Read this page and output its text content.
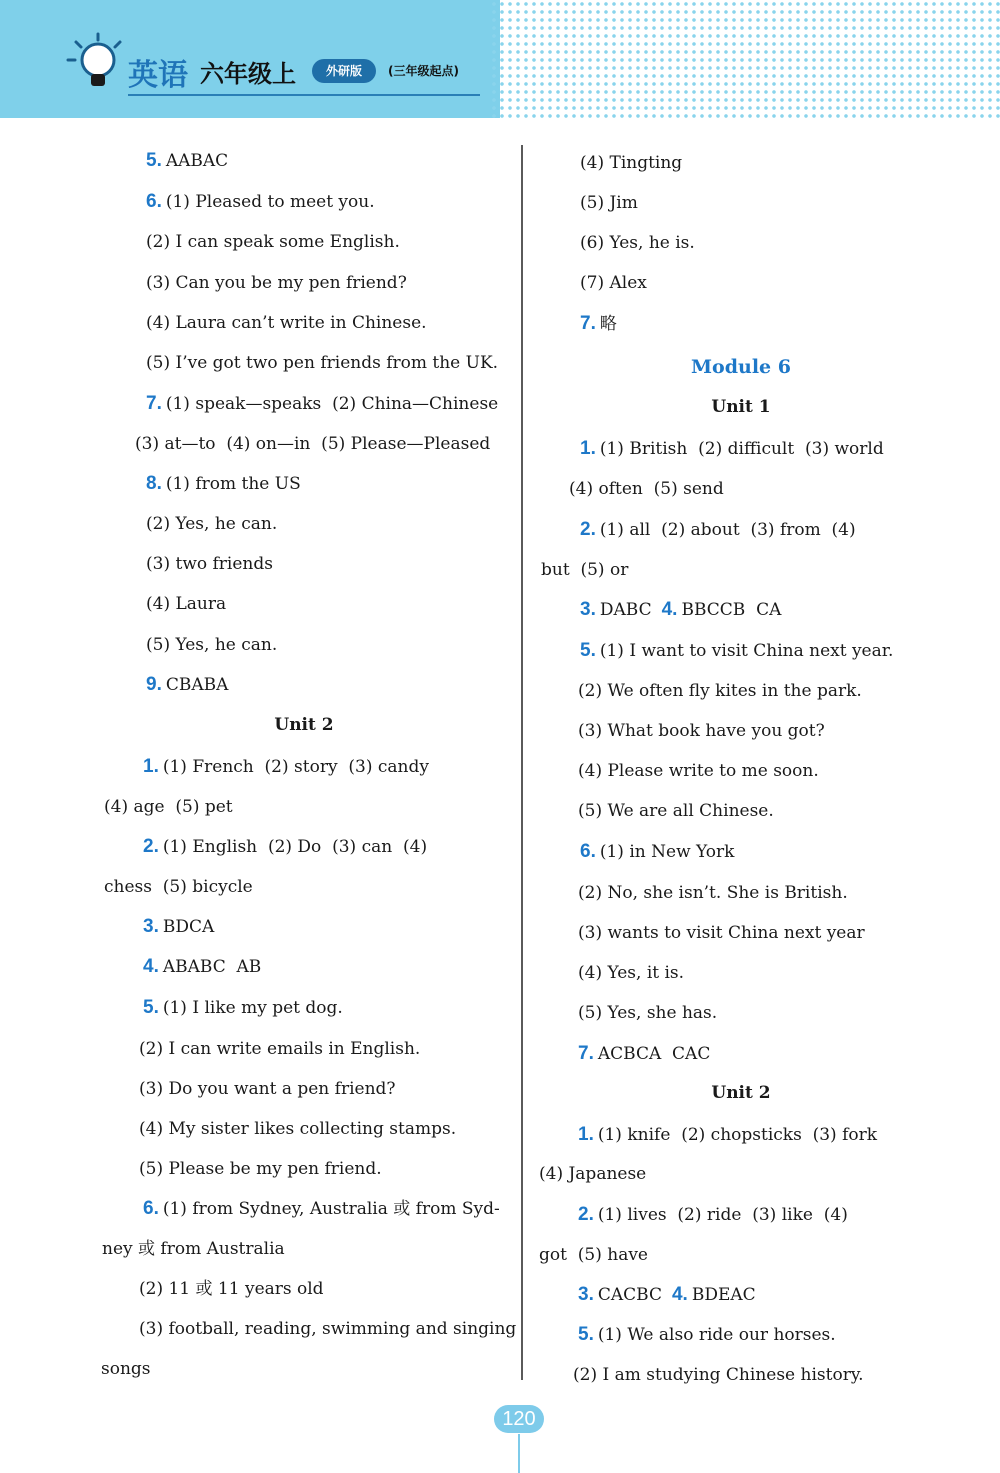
英语 六年级上	外研版	(三年级起点)
120
5. AABAC
6. (1) Pleased to meet you.
(2) I can speak some English.
(3) Can you be my pen friend?
(4) Laura can’t write in Chinese.
(5) I’ve got two pen friends from the UK.
7. (1) speak—speaks  (2) China—Chinese
(3) at—to  (4) on—in  (5) Please—Pleased
8. (1) from the US
(2) Yes, he can.
(3) two friends
(4) Laura
(5) Yes, he can.
9. CBABA
Unit 2
1. (1) French  (2) story  (3) candy
(4) age  (5) pet
2. (1) English  (2) Do  (3) can  (4)
chess  (5) bicycle
3. BDCA
4. ABABC  AB
5. (1) I like my pet dog.
(2) I can write emails in English.
(3) Do you want a pen friend?
(4) My sister likes collecting stamps.
(5) Please be my pen friend.
6. (1) from Sydney, Australia 或 from Syd-
ney 或 from Australia
(2) 11 或 11 years old
(3) football, reading, swimming and singing
songs
(4) Tingting
(5) Jim
(6) Yes, he is.
(7) Alex
7. 略
Module 6
Unit 1
1. (1) British  (2) difficult  (3) world
(4) often  (5) send
2. (1) all  (2) about  (3) from  (4)
but  (5) or
3. DABC 4. BBCCB  CA
5. (1) I want to visit China next year.
(2) We often fly kites in the park.
(3) What book have you got?
(4) Please write to me soon.
(5) We are all Chinese.
6. (1) in New York
(2) No, she isn’t. She is British.
(3) wants to visit China next year
(4) Yes, it is.
(5) Yes, she has.
7. ACBCA  CAC
Unit 2
1. (1) knife  (2) chopsticks  (3) fork
(4) Japanese
2. (1) lives  (2) ride  (3) like  (4)
got  (5) have
3. CACBC 4. BDEAC
5. (1) We also ride our horses.
(2) I am studying Chinese history.
